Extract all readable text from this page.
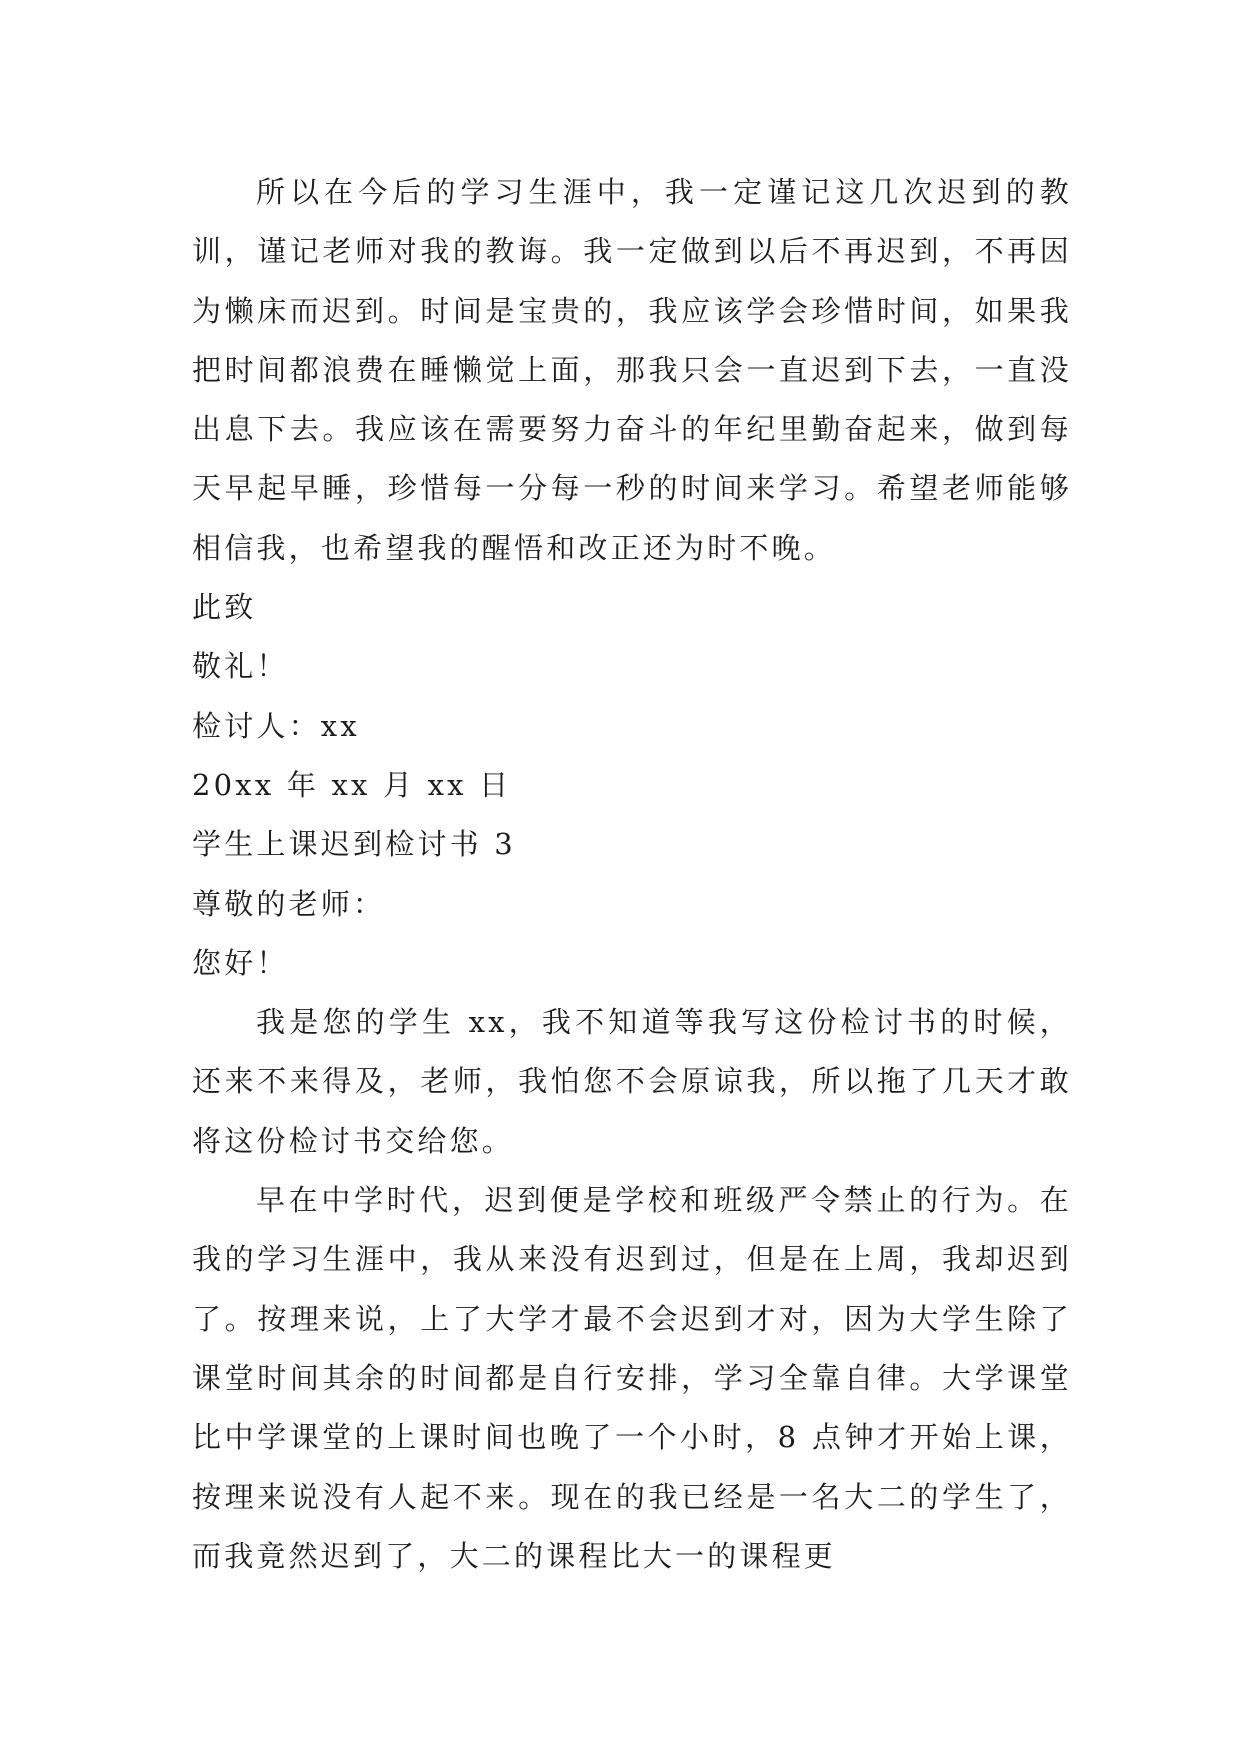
所以在今后的学习生涯中，我一定谨记这几次迟到的教训，谨记老师对我的教诲。我一定做到以后不再迟到，不再因为懒床而迟到。时间是宝贵的，我应该学会珍惜时间，如果我把时间都浪费在睡懒觉上面，那我只会一直迟到下去，一直没出息下去。我应该在需要努力奋斗的年纪里勤奋起来，做到每天早起早睡，珍惜每一分每一秒的时间来学习。希望老师能够相信我，也希望我的醒悟和改正还为时不晚。

此致

敬礼！

检讨人：xx

20xx 年 xx 月 xx 日

学生上课迟到检讨书 3

尊敬的老师：

您好！

我是您的学生 xx，我不知道等我写这份检讨书的时候，还来不来得及，老师，我怕您不会原谅我，所以拖了几天才敢将这份检讨书交给您。

早在中学时代，迟到便是学校和班级严令禁止的行为。在我的学习生涯中，我从来没有迟到过，但是在上周，我却迟到了。按理来说，上了大学才最不会迟到才对，因为大学生除了课堂时间其余的时间都是自行安排，学习全靠自律。大学课堂比中学课堂的上课时间也晚了一个小时，8 点钟才开始上课，按理来说没有人起不来。现在的我已经是一名大二的学生了，而我竟然迟到了，大二的课程比大一的课程更
